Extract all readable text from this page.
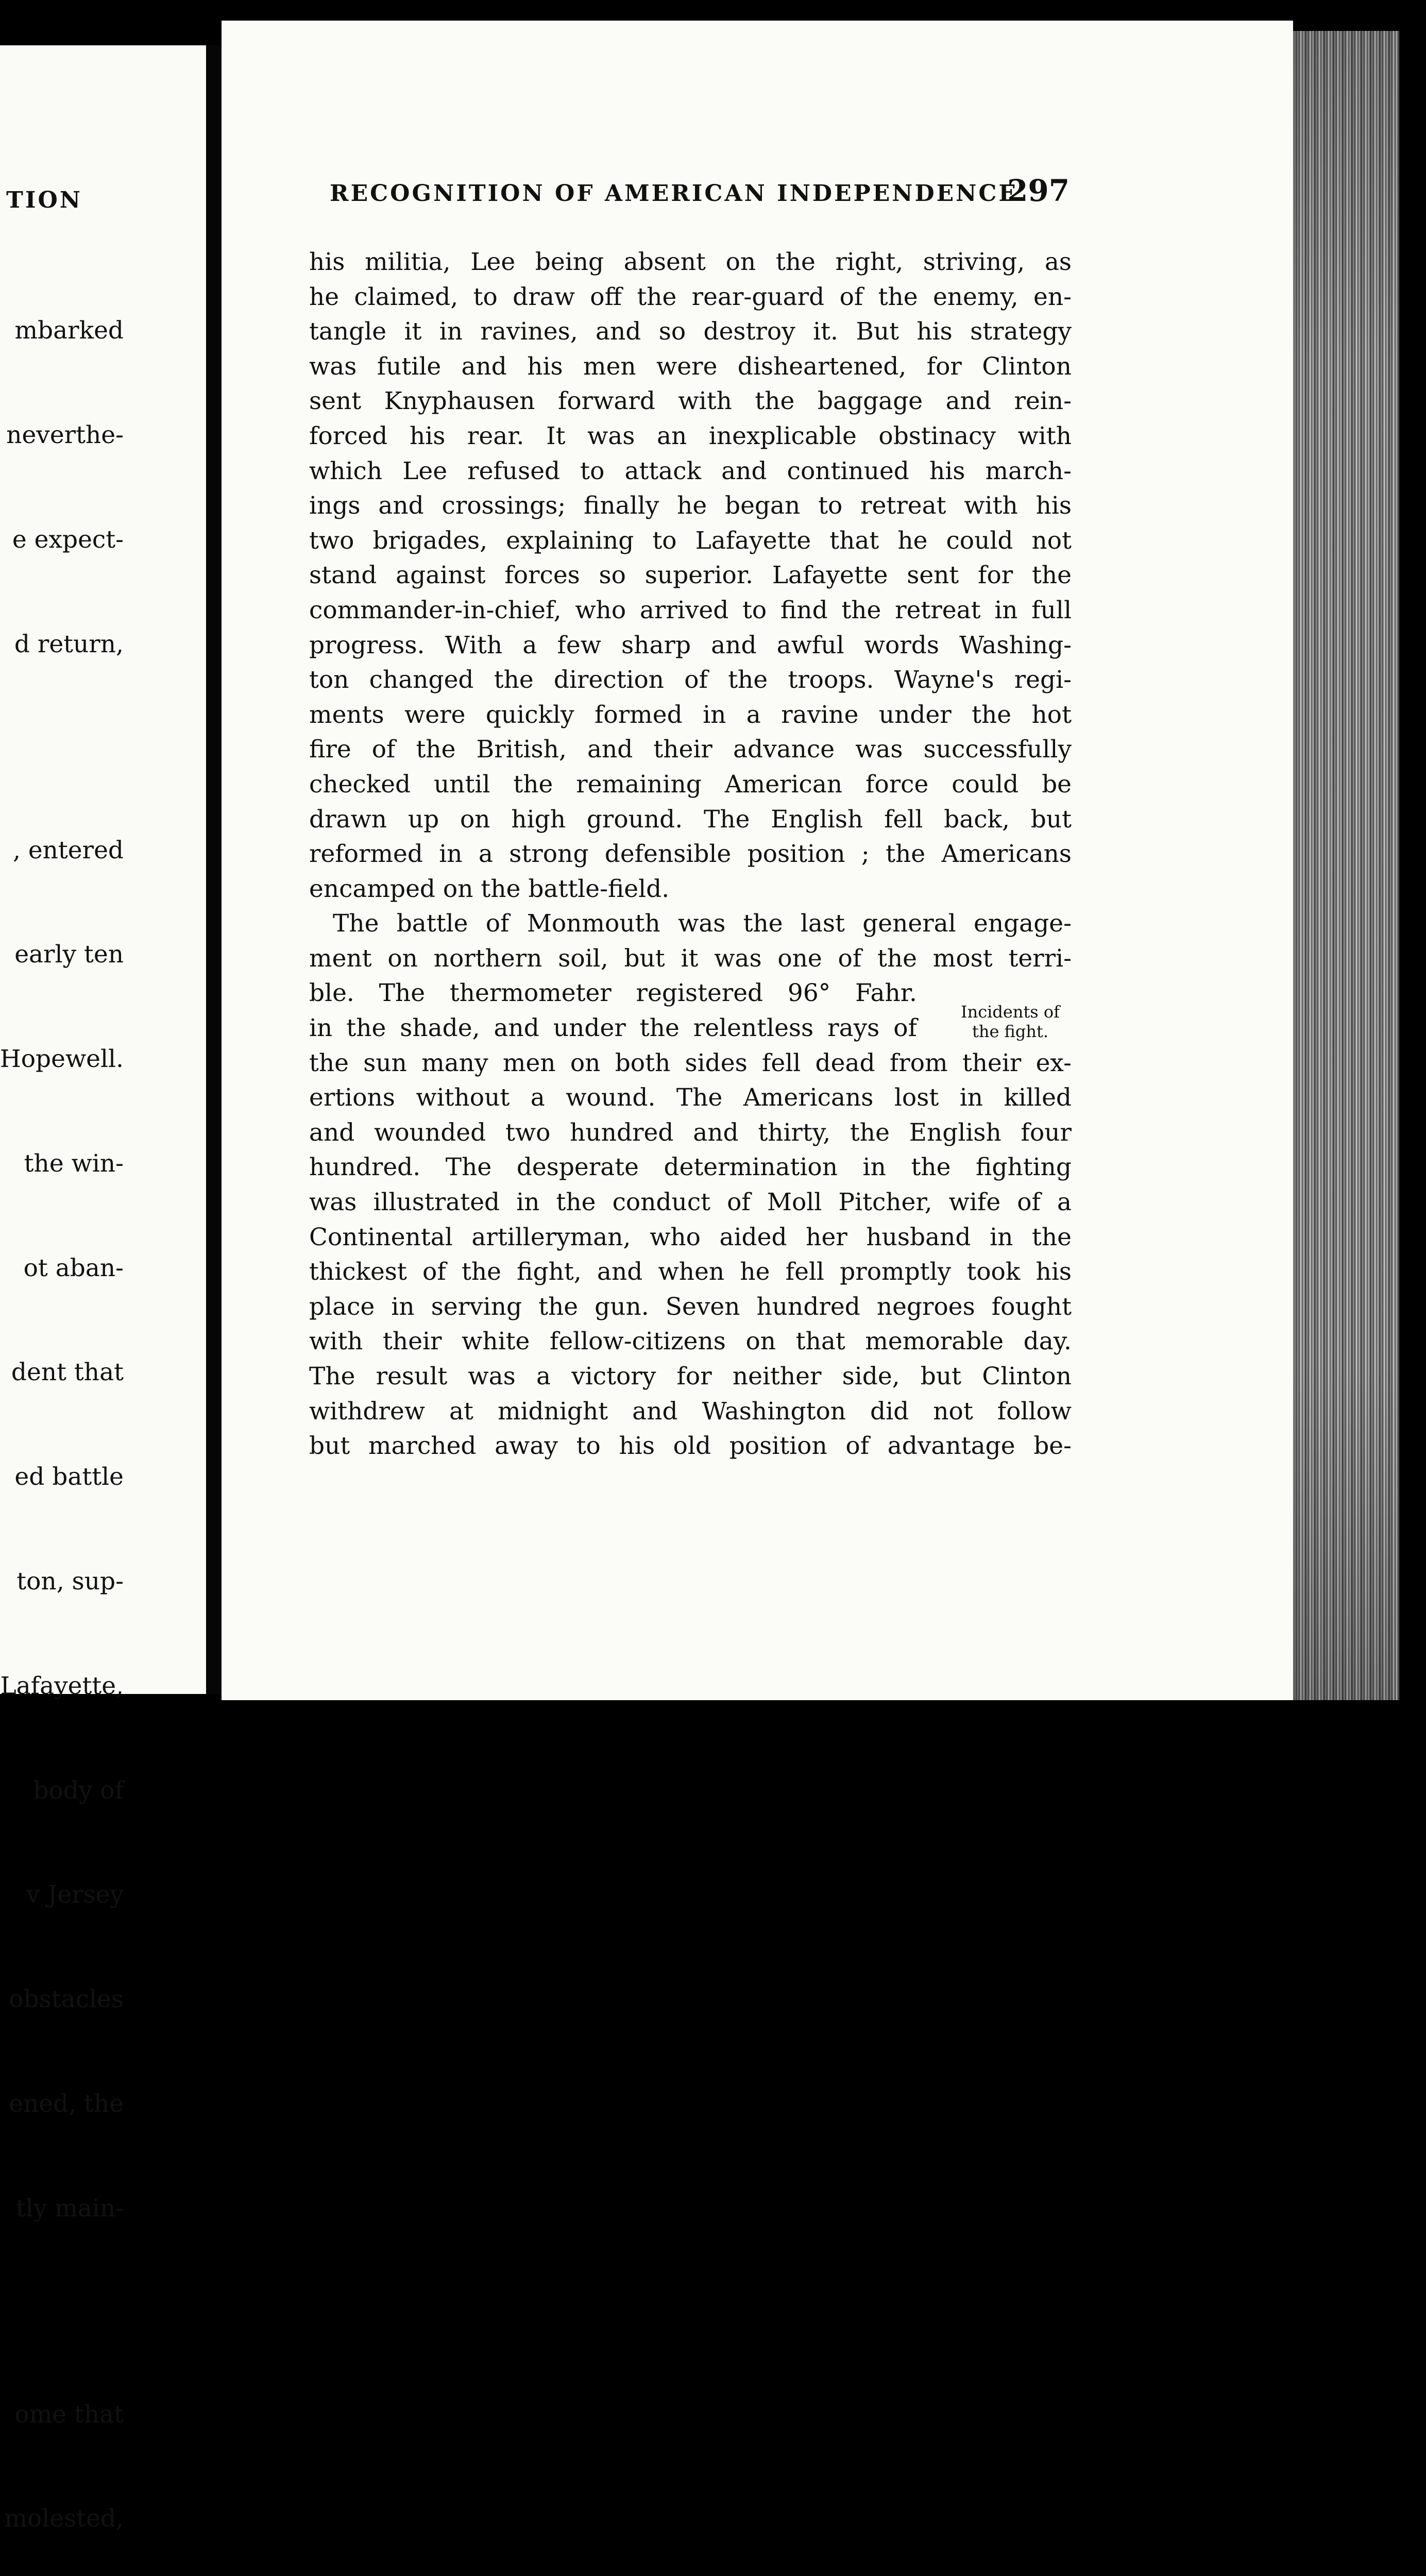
TION

mbarked

neverthe-

e expect-

d return,

, entered

early ten

Hopewell.

the win-

ot aban-

dent that

ed battle

ton, sup-

Lafayette,

body of

v Jersey

obstacles

ened, the

tly main-

ome that

molested,

RECOGNITION OF AMERICAN INDEPENDENCE
297
his militia, Lee being absent on the right, striving, as
he claimed, to draw off the rear-guard of the enemy, en-
tangle it in ravines, and so destroy it. But his strategy
was futile and his men were disheartened, for Clinton
sent Knyphausen forward with the baggage and rein-
forced his rear. It was an inexplicable obstinacy with
which Lee refused to attack and continued his march-
ings and crossings; finally he began to retreat with his
two brigades, explaining to Lafayette that he could not
stand against forces so superior. Lafayette sent for the
commander-in-chief, who arrived to find the retreat in full
progress. With a few sharp and awful words Washing-
ton changed the direction of the troops. Wayne's regi-
ments were quickly formed in a ravine under the hot
fire of the British, and their advance was successfully
checked until the remaining American force could be
drawn up on high ground. The English fell back, but
reformed in a strong defensible position ; the Americans
encamped on the battle-field.
The battle of Monmouth was the last general engage-
ment on northern soil, but it was one of the most terri-
ble. The thermometer registered 96° Fahr.
in the shade, and under the relentless rays of
the sun many men on both sides fell dead from their ex-
ertions without a wound. The Americans lost in killed
and wounded two hundred and thirty, the English four
hundred. The desperate determination in the fighting
was illustrated in the conduct of Moll Pitcher, wife of a
Continental artilleryman, who aided her husband in the
thickest of the fight, and when he fell promptly took his
place in serving the gun. Seven hundred negroes fought
with their white fellow-citizens on that memorable day.
The result was a victory for neither side, but Clinton
withdrew at midnight and Washington did not follow
but marched away to his old position of advantage be-
Incidents of
the fight.
